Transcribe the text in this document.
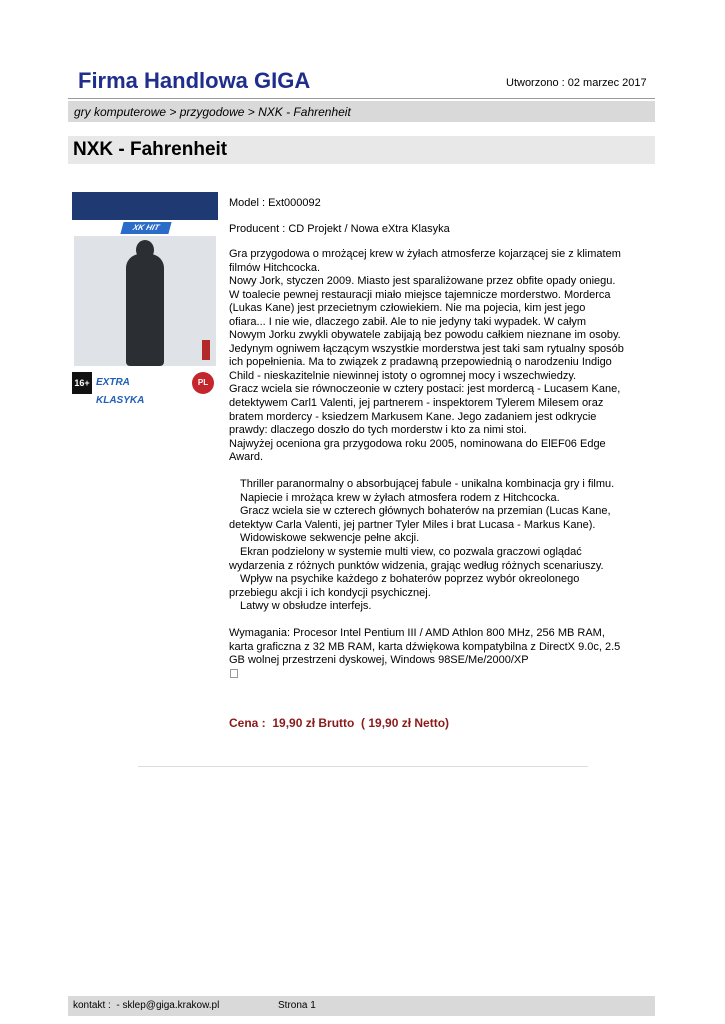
Firma Handlowa GIGA	Utworzono : 02 marzec 2017
gry komputerowe > przygodowe > NXK - Fahrenheit
NXK - Fahrenheit
XK HIT
16+ EXTRA KLASYKA
PL
Model : Ext000092
Producent : CD Projekt / Nowa eXtra Klasyka

Gra przygodowa o mrożącej krew w żyłach atmosferze kojarzącej sie z klimatem filmów Hitchcocka.

Nowy Jork, styczen 2009. Miasto jest sparaliżowane przez obfite opady oniegu. W toalecie pewnej restauracji miało miejsce tajemnicze morderstwo. Morderca (Lukas Kane) jest przecietnym człowiekiem. Nie ma pojecia, kim jest jego ofiara... I nie wie, dlaczego zabił. Ale to nie jedyny taki wypadek. W całym Nowym Jorku zwykli obywatele zabijają bez powodu całkiem nieznane im osoby. Jedynym ogniwem łączącym wszystkie morderstwa jest taki sam rytualny sposób ich popełnienia. Ma to związek z pradawną przepowiednią o narodzeniu Indigo Child - nieskazitelnie niewinnej istoty o ogromnej mocy i wszechwiedzy.

Gracz wciela sie równoczeonie w cztery postaci: jest mordercą - Lucasem Kane, detektywem Carl1 Valenti, jej partnerem - inspektorem Tylerem Milesem oraz bratem mordercy - ksiedzem Markusem Kane. Jego zadaniem jest odkrycie prawdy: dlaczego doszło do tych morderstw i kto za nimi stoi.

Najwyżej oceniona gra przygodowa roku 2005, nominowana do ElEF06 Edge Award.

Thriller paranormalny o absorbującej fabule - unikalna kombinacja gry i filmu.

Napiecie i mrożąca krew w żyłach atmosfera rodem z Hitchcocka.

Gracz wciela sie w czterech głównych bohaterów na przemian (Lucas Kane, detektyw Carla Valenti, jej partner Tyler Miles i brat Lucasa - Markus Kane).

Widowiskowe sekwencje pełne akcji.

Ekran podzielony w systemie multi view, co pozwala graczowi oglądać wydarzenia z różnych punktów widzenia, grając według różnych scenariuszy.

Wpływ na psychike każdego z bohaterów poprzez wybór okreolonego przebiegu akcji i ich kondycji psychicznej.

Latwy w obsłudze interfejs.

Wymagania: Procesor Intel Pentium III / AMD Athlon 800 MHz, 256 MB RAM, karta graficzna z 32 MB RAM, karta dźwiękowa kompatybilna z DirectX 9.0c, 2.5 GB wolnej przestrzeni dyskowej, Windows 98SE/Me/2000/XP

Cena :  19,90 zł Brutto  ( 19,90 zł Netto)
kontakt :  - sklep@giga.krakow.pl	Strona 1
